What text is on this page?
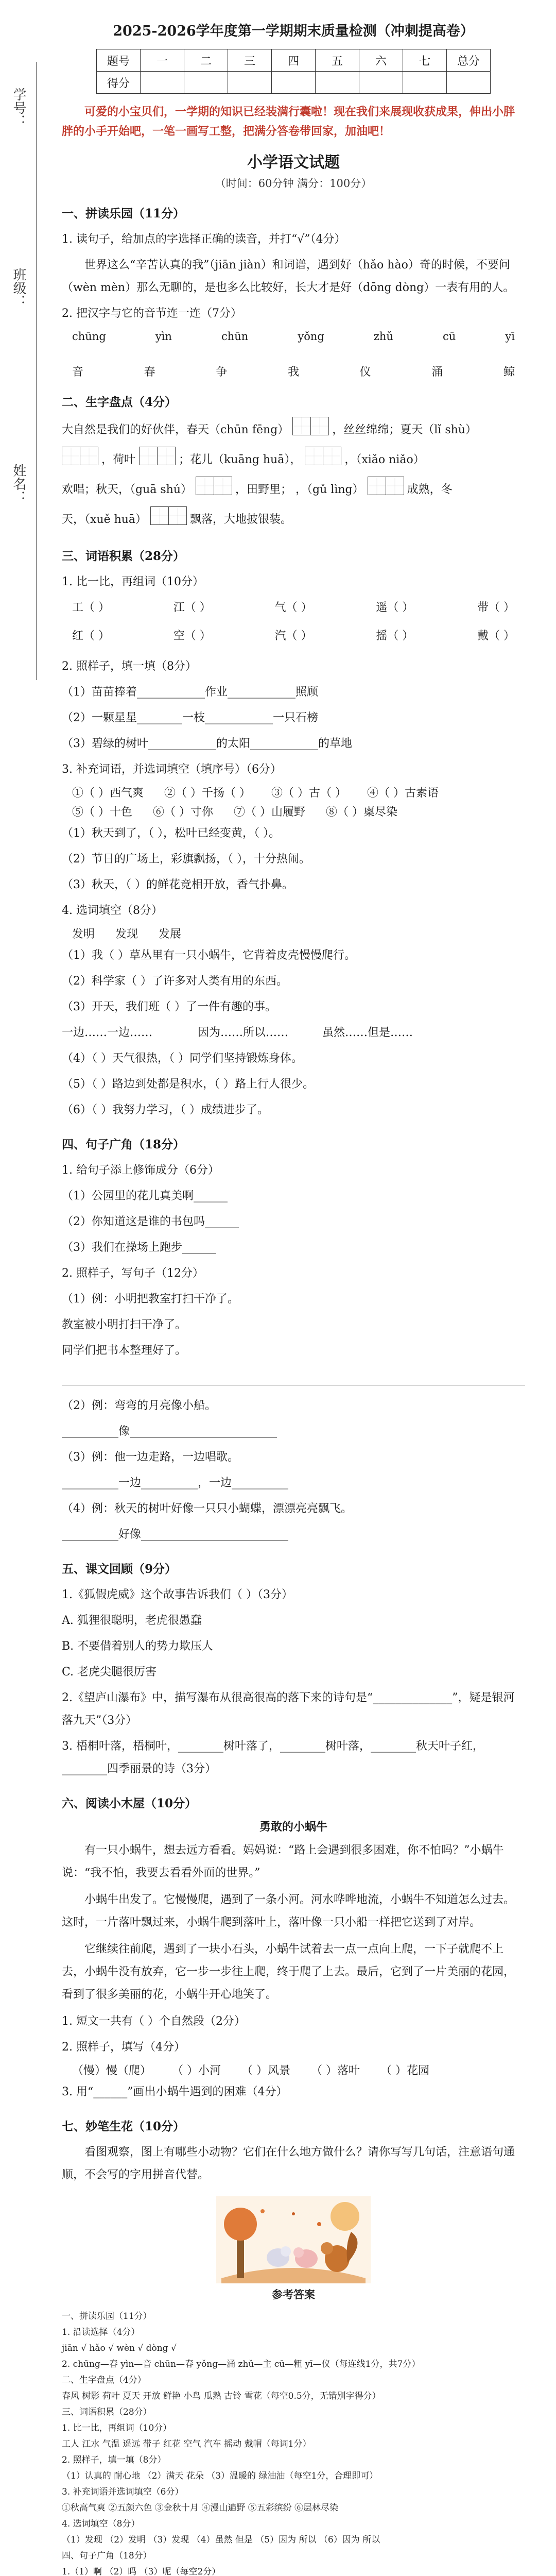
学号：
班级：
姓名：
2025-2026学年度第一学期期末质量检测（冲刺提高卷）
题号	一	二	三	四	五	六	七	总分
得分								
可爱的小宝贝们，一学期的知识已经装满行囊啦！现在我们来展现收获成果，伸出小胖胖的小手开始吧，一笔一画写工整，把满分答卷带回家，加油吧！
小学语文试题
（时间：60分钟 满分：100分）
一、拼读乐园（11分）
1. 读句子，给加点的字选择正确的读音，并打“√”（4分）
世界这么“辛苦认真的我”（jiān jiàn）和词谱，遇到好（hǎo hào）奇的时候，不要问（wèn mèn）那么无聊的，是也多么比较好，长大才是好（dōng dòng）一表有用的人。
2. 把汉字与它的音节连一连（7分）
chūng	yìn	chūn	yǒng	zhǔ	cū	yī
音	春	争	我	仪	涌	鲸
二、生字盘点（4分）
大自然是我们的好伙伴，春天（chūn fēng）	，丝丝绵绵；夏天（lǐ shù）
，荷叶	；花儿（kuāng huā），	，（xiǎo niǎo）
欢唱；秋天，（guā shú）	，田野里； ，（gǔ lìng）	成熟，冬
天，（xuě huā）	飘落，大地披银装。
三、词语积累（28分）
1. 比一比，再组词（10分）
工（ ）	江（ ）	气（ ）	遥（ ）	带（ ）
红（ ）	空（ ）	汽（ ）	摇（ ）	戴（ ）
2. 照样子，填一填（8分）
（1）苗苗捧着____________作业____________照顾
（2）一颗星星________一枝____________一只石榜
（3）碧绿的树叶____________的太阳____________的草地
3. 补充词语，并选词填空（填序号）（6分）
①（ ）西气爽 ②（ ）千扬（ ） ③（ ）古（ ） ④（ ）古素语
⑤（ ）十色 ⑥（ ）寸你 ⑦（ ）山履野 ⑧（ ）㮚尽染
（1）秋天到了，（ ），松叶已经变黄，（ ）。
（2）节日的广场上，彩旗飘扬，（ ），十分热闹。
（3）秋天，（ ）的鲜花竞相开放，香气扑鼻。
4. 选词填空（8分）
发明 发现 发展
（1）我（ ）草丛里有一只小蜗牛，它背着皮壳慢慢爬行。
（2）科学家（ ）了许多对人类有用的东西。
（3）开天，我们班（ ）了一件有趣的事。
一边……一边……　　　　因为……所以……　　　虽然……但是……
（4）（ ）天气很热，（ ）同学们坚持锻炼身体。
（5）（ ）路边到处都是积水，（ ）路上行人很少。
（6）（ ）我努力学习，（ ）成绩进步了。
四、句子广角（18分）
1. 给句子添上修饰成分（6分）
（1）公园里的花儿真美啊______
（2）你知道这是谁的书包吗______
（3）我们在操场上跑步______
2. 照样子，写句子（12分）
（1）例：小明把教室打扫干净了。
教室被小明打扫干净了。
同学们把书本整理好了。
（2）例：弯弯的月亮像小船。
__________像__________________________
（3）例：他一边走路，一边唱歌。
__________一边__________，一边__________
（4）例：秋天的树叶好像一只只小蝴蝶，漂漂亮亮飘飞。
__________好像__________________________
五、课文回顾（9分）
1.《狐假虎威》这个故事告诉我们（ ）（3分）
A. 狐狸很聪明，老虎很愚蠢
B. 不要借着别人的势力欺压人
C. 老虎尖腿很厉害
2.《望庐山瀑布》中，描写瀑布从很高很高的落下来的诗句是“______________”，疑是银河落九天”（3分）
3. 梧桐叶落，梧桐叶，________树叶落了，________树叶落，________秋天叶子红，________四季丽景的诗（3分）
六、阅读小木屋（10分）
勇敢的小蜗牛

有一只小蜗牛，想去远方看看。妈妈说：“路上会遇到很多困难，你不怕吗？”小蜗牛说：“我不怕，我要去看看外面的世界。”

小蜗牛出发了。它慢慢爬，遇到了一条小河。河水哗哗地流，小蜗牛不知道怎么过去。这时，一片落叶飘过来，小蜗牛爬到落叶上，落叶像一只小船一样把它送到了对岸。

它继续往前爬，遇到了一块小石头，小蜗牛试着去一点一点向上爬，一下子就爬不上去，小蜗牛没有放弃，它一步一步往上爬，终于爬了上去。最后，它到了一片美丽的花园，看到了很多美丽的花，小蜗牛开心地笑了。

1. 短文一共有（ ）个自然段（2分）
2. 照样子，填写（4分）
（慢）慢（爬） （ ）小河 （ ）风景 （ ）落叶 （ ）花园
3. 用“______”画出小蜗牛遇到的困难（4分）
七、妙笔生花（10分）
看图观察，图上有哪些小动物？它们在什么地方做什么？请你写写几句话，注意语句通顺，不会写的字用拼音代替。
参考答案
一、拼读乐园（11分）
1. 沿读选择（4分）
jiān √ hǎo √ wèn √ dòng √
2. chūng—春 yìn—音 chūn—春 yǒng—涌 zhǔ—主 cū—粗 yī—仪（每连线1分，共7分）
二、生字盘点（4分）
春风 树影 荷叶 夏天 开放 鲜艳 小鸟 瓜熟 古铃 雪花（每空0.5分，无错别字得分）
三、词语积累（28分）
1. 比一比，再组词（10分）
工人 江水 气温 遥远 带子 红花 空气 汽车 摇动 戴帽（每词1分）
2. 照样子，填一填（8分）
（1）认真的 耐心地 （2）满天 花朵 （3）温暖的 绿油油（每空1分，合理即可）
3. 补充词语并选词填空（6分）
①秋高气爽 ②五颜六色 ③金秋十月 ④漫山遍野 ⑤五彩缤纷 ⑥层林尽染
4. 选词填空（8分）
（1）发现 （2）发明 （3）发现 （4）虽然 但是 （5）因为 所以 （6）因为 所以
四、句子广角（18分）
1.（1）啊 （2）吗 （3）呢（每空2分）
